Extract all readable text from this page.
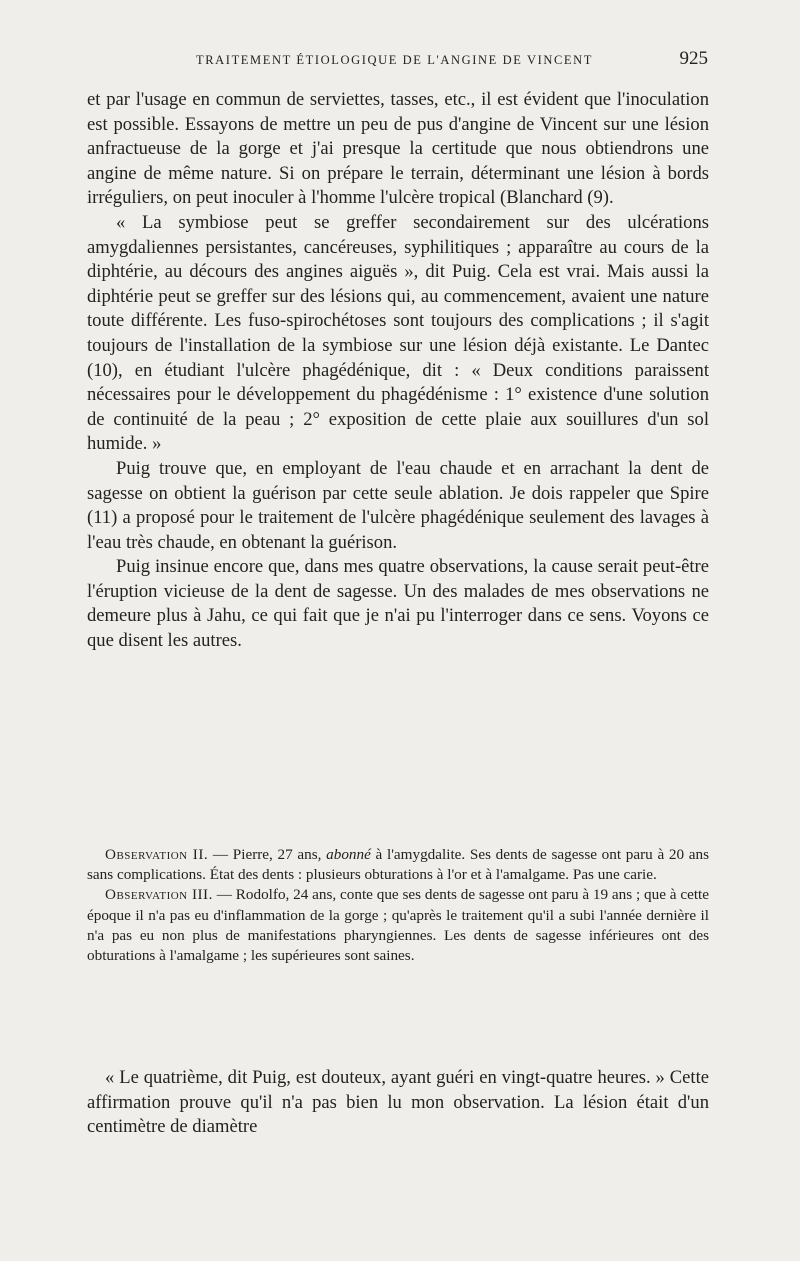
TRAITEMENT ÉTIOLOGIQUE DE L'ANGINE DE VINCENT	925

et par l'usage en commun de serviettes, tasses, etc., il est évident que l'inoculation est possible. Essayons de mettre un peu de pus d'angine de Vincent sur une lésion anfractueuse de la gorge et j'ai presque la certitude que nous obtiendrons une angine de même nature. Si on prépare le terrain, déterminant une lésion à bords irréguliers, on peut inoculer à l'homme l'ulcère tropical (Blanchard (9).

« La symbiose peut se greffer secondairement sur des ulcérations amygdaliennes persistantes, cancéreuses, syphilitiques ; apparaître au cours de la diphtérie, au décours des angines aiguës », dit Puig. Cela est vrai. Mais aussi la diphtérie peut se greffer sur des lésions qui, au commencement, avaient une nature toute différente. Les fuso-spirochétoses sont toujours des complications ; il s'agit toujours de l'installation de la symbiose sur une lésion déjà existante. Le Dantec (10), en étudiant l'ulcère phagédénique, dit : « Deux conditions paraissent nécessaires pour le développement du phagédénisme : 1° existence d'une solution de continuité de la peau ; 2° exposition de cette plaie aux souillures d'un sol humide. »

Puig trouve que, en employant de l'eau chaude et en arrachant la dent de sagesse on obtient la guérison par cette seule ablation. Je dois rappeler que Spire (11) a proposé pour le traitement de l'ulcère phagédénique seulement des lavages à l'eau très chaude, en obtenant la guérison.

Puig insinue encore que, dans mes quatre observations, la cause serait peut-être l'éruption vicieuse de la dent de sagesse. Un des malades de mes observations ne demeure plus à Jahu, ce qui fait que je n'ai pu l'interroger dans ce sens. Voyons ce que disent les autres.

Observation II. — Pierre, 27 ans, abonné à l'amygdalite. Ses dents de sagesse ont paru à 20 ans sans complications. État des dents : plusieurs obturations à l'or et à l'amalgame. Pas une carie.

Observation III. — Rodolfo, 24 ans, conte que ses dents de sagesse ont paru à 19 ans ; que à cette époque il n'a pas eu d'inflammation de la gorge ; qu'après le traitement qu'il a subi l'année dernière il n'a pas eu non plus de manifestations pharyngiennes. Les dents de sagesse inférieures ont des obturations à l'amalgame ; les supérieures sont saines.

« Le quatrième, dit Puig, est douteux, ayant guéri en vingt-quatre heures. » Cette affirmation prouve qu'il n'a pas bien lu mon observation. La lésion était d'un centimètre de diamètre
